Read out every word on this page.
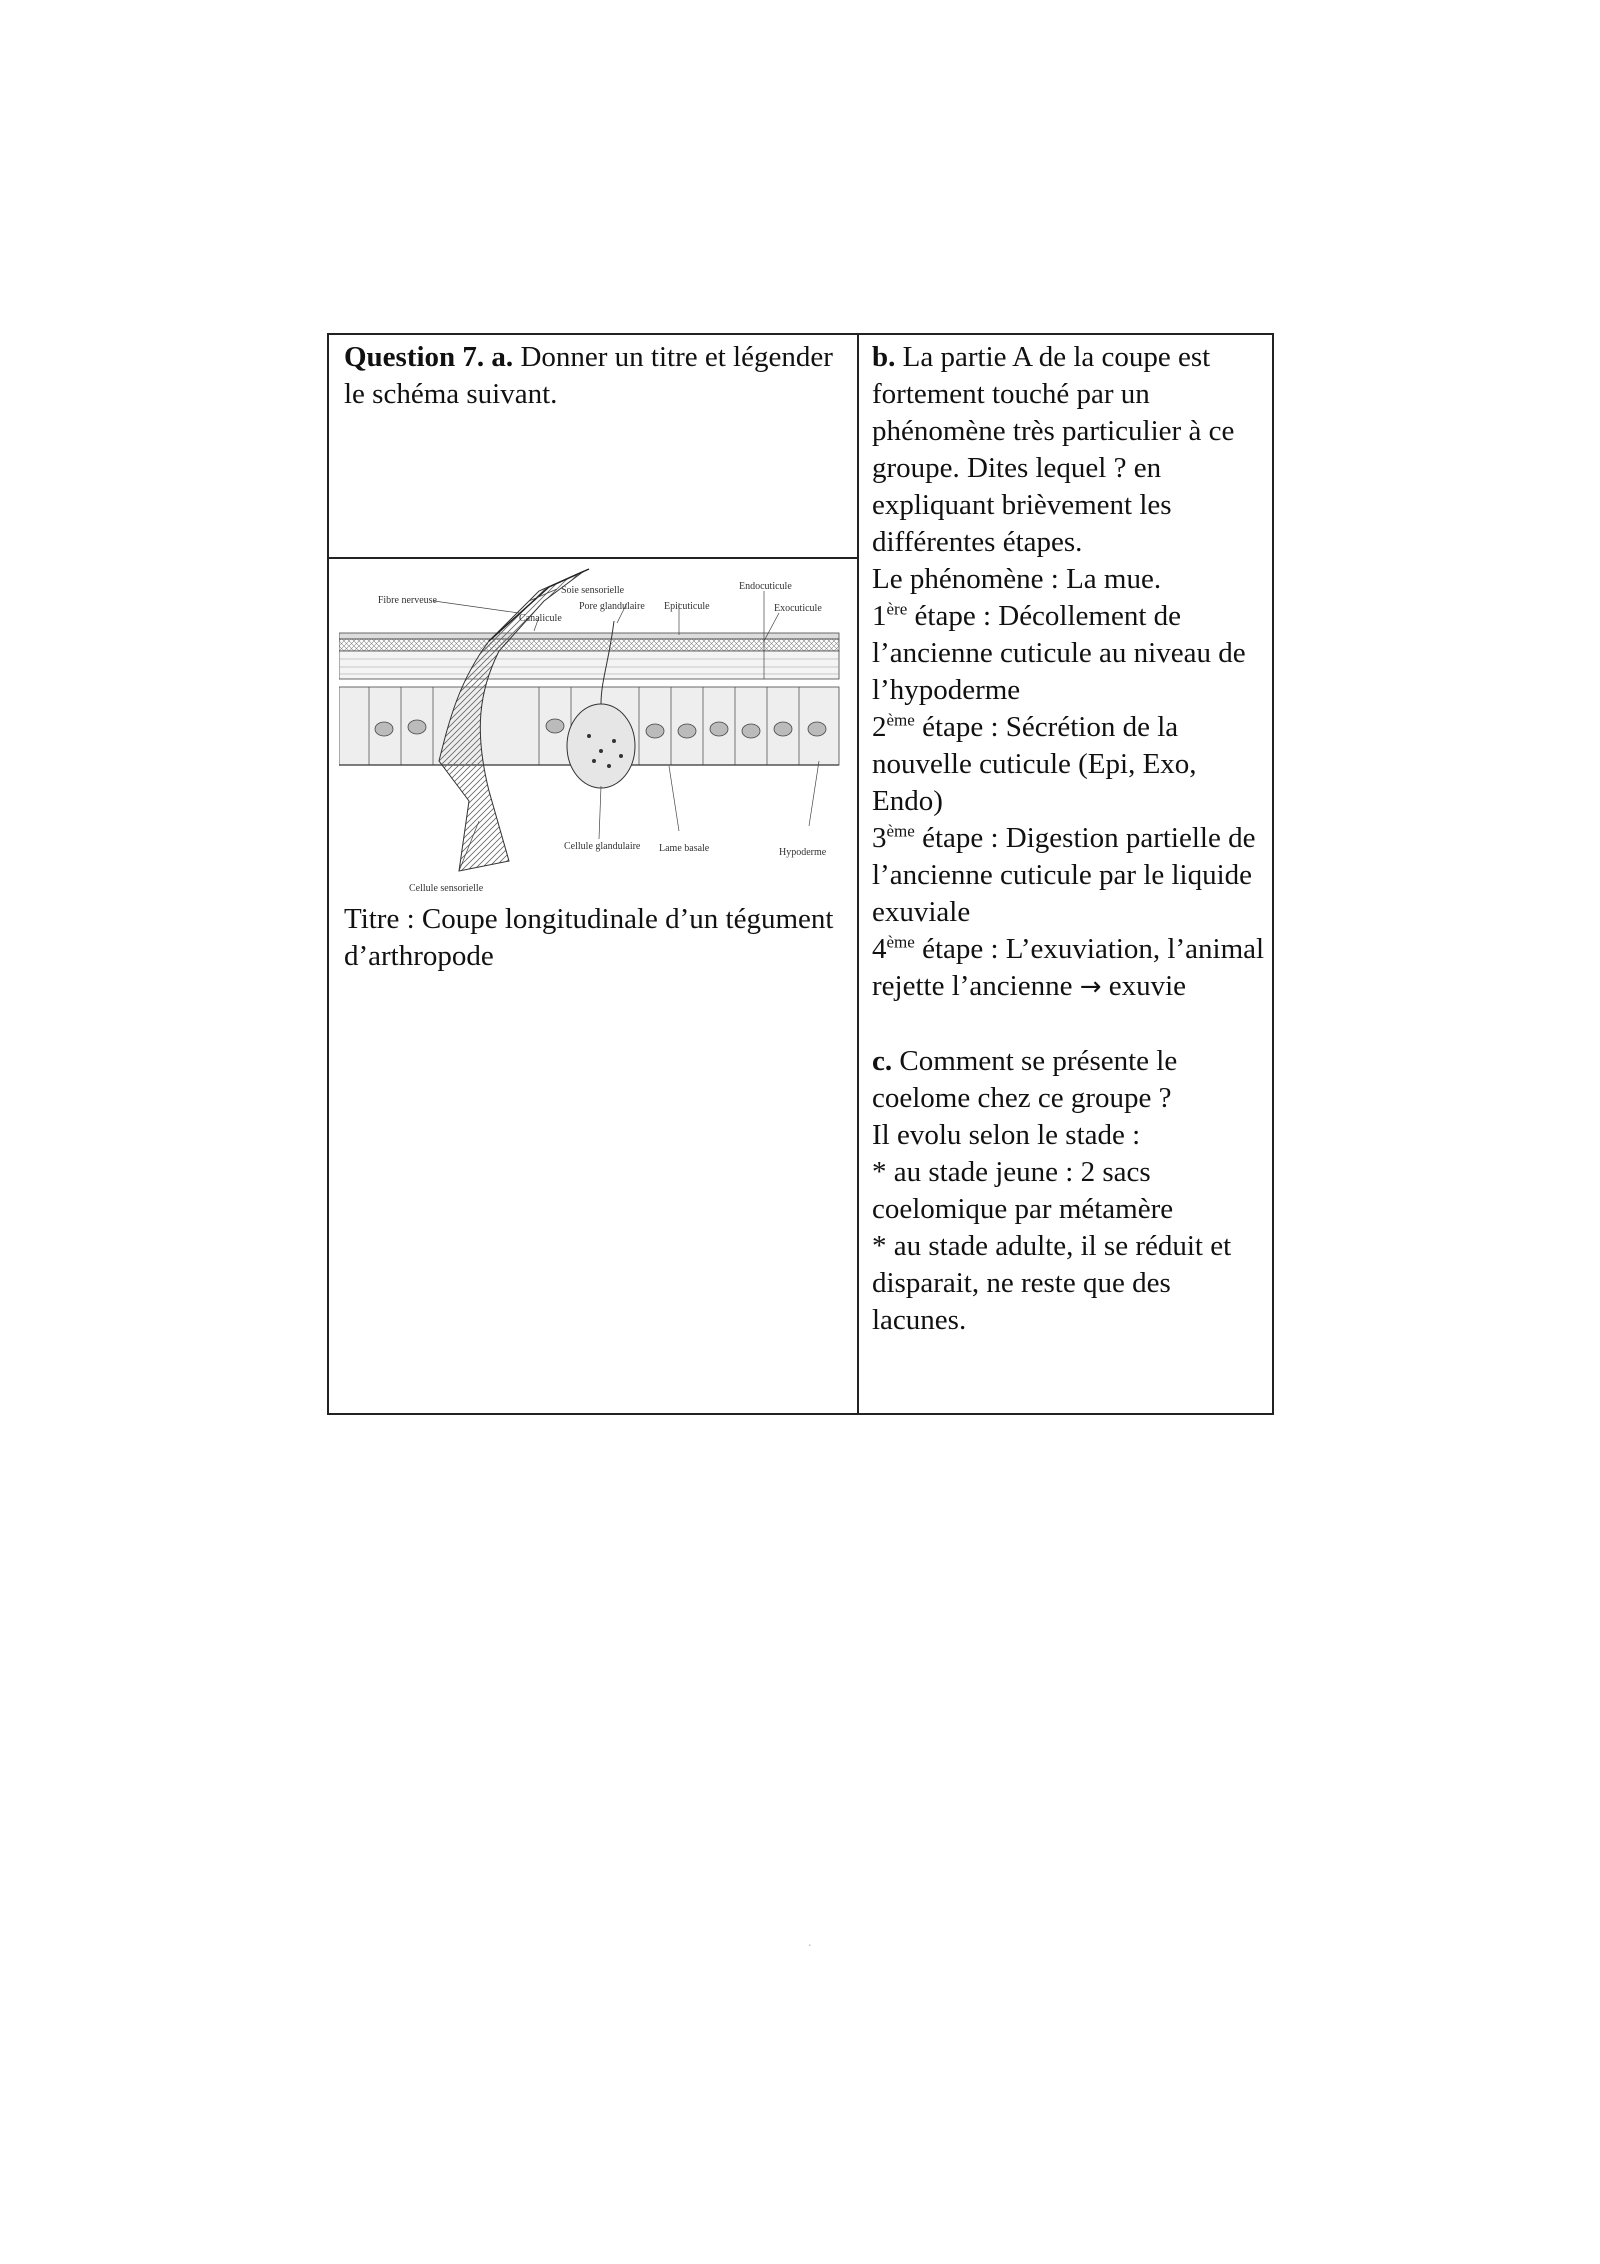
Question 7. a. Donner un titre et légender le schéma suivant.
Fibre nerveuse
Soie sensorielle
Canalicule
Pore glandulaire Epicuticule
Endocuticule
Exocuticule
Cellule glandulaire Lame basale	Hypoderme
Cellule sensorielle
Titre : Coupe longitudinale d’un tégument d’arthropode

b. La partie A de la coupe est fortement touché par un phénomène très particulier à ce groupe. Dites lequel ? en expliquant brièvement les différentes étapes.

Le phénomène : La mue.

1ère étape : Décollement de l’ancienne cuticule au niveau de l’hypoderme

2ème étape : Sécrétion de la nouvelle cuticule (Epi, Exo, Endo)

3ème étape : Digestion partielle de l’ancienne cuticule par le liquide exuviale

4ème étape : L’exuviation, l’animal rejette l’ancienne → exuvie

c. Comment se présente le coelome chez ce groupe ?

Il evolu selon le stade :

* au stade jeune : 2 sacs coelomique par métamère

* au stade adulte, il se réduit et disparait, ne reste que des lacunes.

.
